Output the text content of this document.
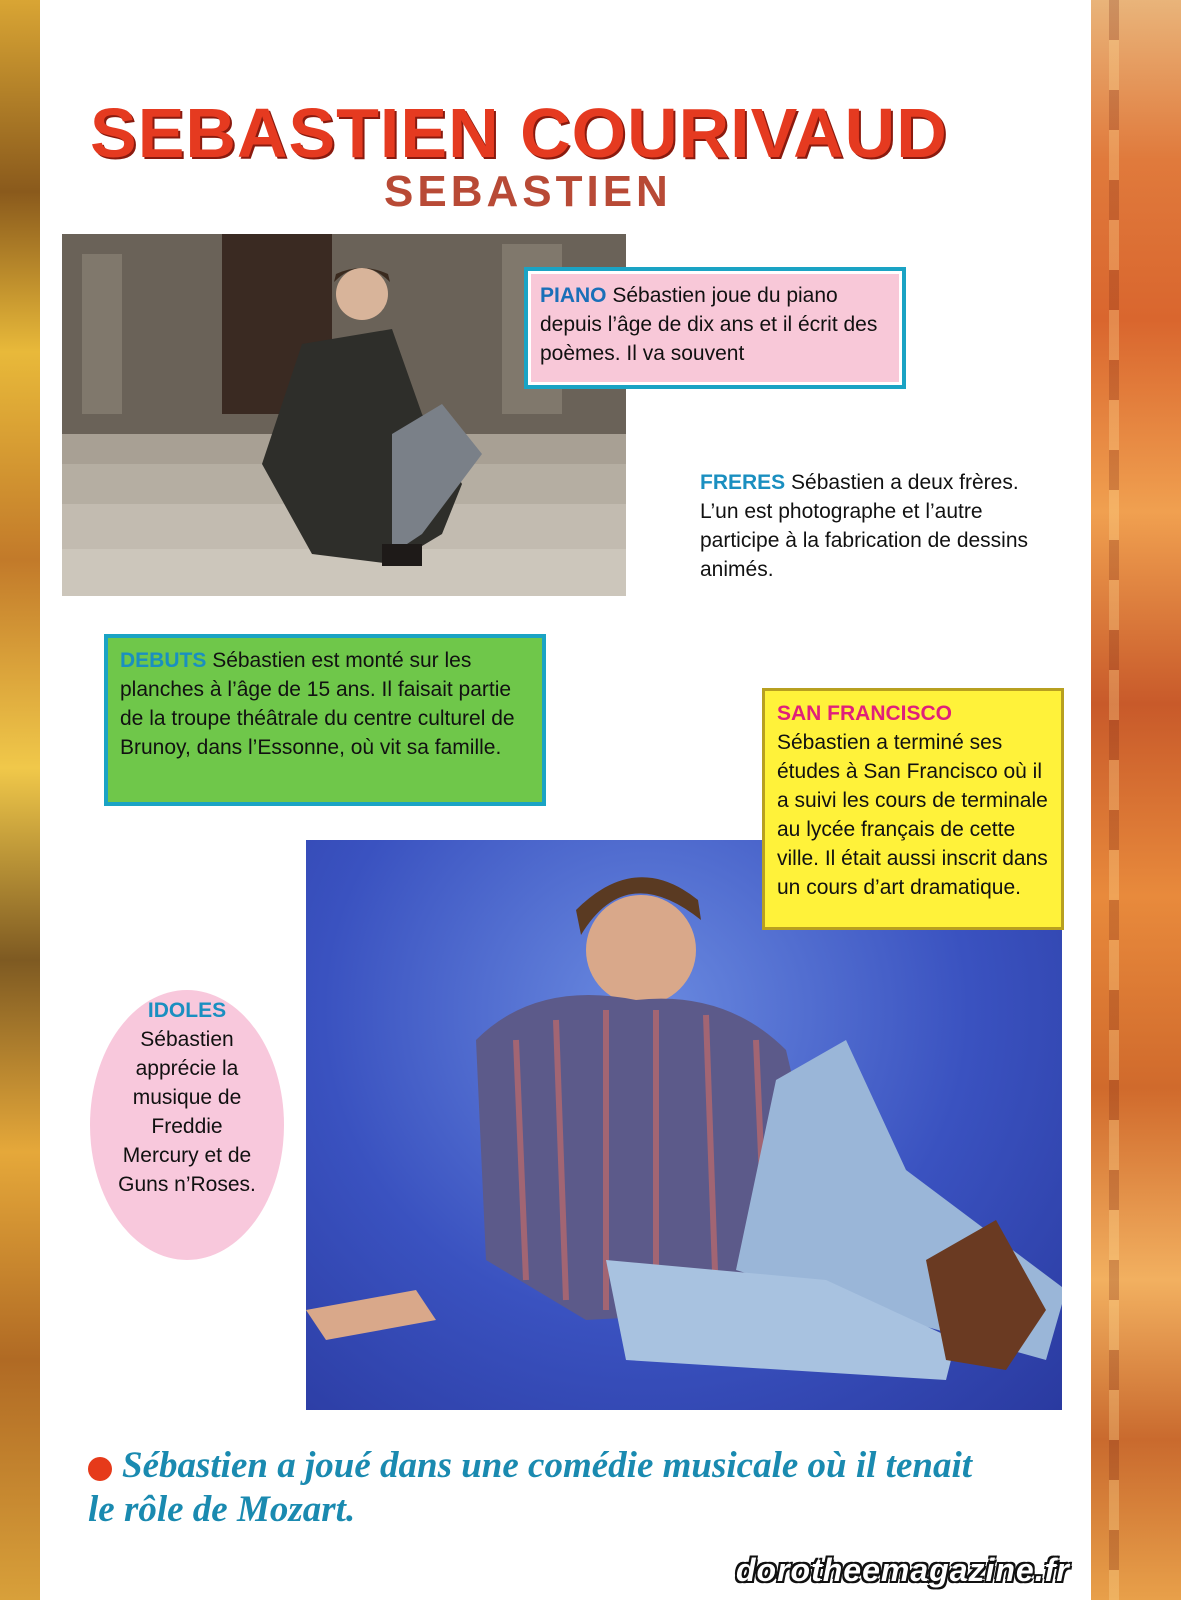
SEBASTIEN COURIVAUD
SEBASTIEN
PIANO Sébastien joue du piano depuis l’âge de dix ans et il écrit des poèmes. Il va souvent
FRERES Sébastien a deux frères. L’un est photographe et l’autre participe à la fabrication de dessins animés.
DEBUTS Sébastien est monté sur les planches à l’âge de 15 ans. Il faisait partie de la troupe théâtrale du centre culturel de Brunoy, dans l’Essonne, où vit sa famille.
SAN FRANCISCO
Sébastien a terminé ses études à San Francisco où il a suivi les cours de terminale au lycée français de cette ville. Il était aussi inscrit dans un cours d’art dramatique.
IDOLES
Sébastien apprécie la musique de Freddie Mercury et de Guns n’Roses.

Sébastien a joué dans une comédie musicale où il tenait le rôle de Mozart.

dorotheemagazine.fr
